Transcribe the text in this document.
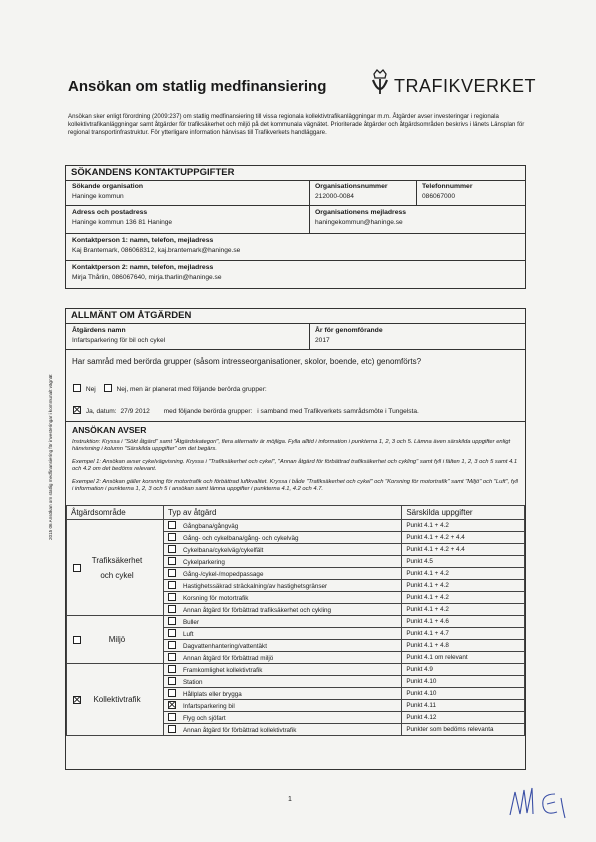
Ansökan om statlig medfinansiering	TRAFIKVERKET
Ansökan sker enligt förordning (2009:237) om statlig medfinansiering till vissa regionala kollektivtrafikanläggningar m.m. Åtgärder avser investeringar i regionala kollektivtrafikanläggningar samt åtgärder för trafiksäkerhet och miljö på det kommunala vägnätet. Prioriterade åtgärder och åtgärdsområden beskrivs i länets Länsplan för regional transportinfrastruktur. För ytterligare information hänvisas till Trafikverkets handläggare.
SÖKANDENS KONTAKTUPPGIFTER
Sökande organisation
Haninge kommun
Organisationsnummer
212000-0084
Telefonnummer
086067000
Adress och postadress
Haninge kommun 136 81 Haninge
Organisationens mejladress
haningekommun@haninge.se
Kontaktperson 1: namn, telefon, mejladress
Kaj Brantemark, 086068312, kaj.brantemark@haninge.se
Kontaktperson 2: namn, telefon, mejladress
Mirja Thårlin, 086067640, mirja.tharlin@haninge.se
ALLMÄNT OM ÅTGÄRDEN
Åtgärdens namn
Infartsparkering för bil och cykel
År för genomförande
2017
Har samråd med berörda grupper (såsom intresseorganisationer, skolor, boende, etc) genomförts?
Nej	Nej, men är planerat med följande berörda grupper:
Ja, datum: 27/9 2012 med följande berörda grupper: i samband med Trafikverkets samrådsmöte i Tungelsta.
ANSÖKAN AVSER
Instruktion: Kryssa i "Sökt åtgärd" samt "Åtgärdskategori", flera alternativ är möjliga. Fylla alltid i information i punkterna 1, 2, 3 och 5. Lämna även särskilda uppgifter enligt hänvisning i kolumn "Särskilda uppgifter" om det begärs.
Exempel 1: Ansökan avser cykelvägvisning. Kryssa i "Trafiksäkerhet och cykel", "Annan åtgärd för förbättrad trafiksäkerhet och cykling" samt fyll i fälten 1, 2, 3 och 5 samt 4.1 och 4.2 om det bedöms relevant.
Exempel 2: Ansökan gäller korsning för motortrafik och förbättrad luftkvalitet. Kryssa i både "Trafiksäkerhet och cykel" och "Korsning för motortrafik" samt "Miljö" och "Luft", fyll i information i punkterna 1, 2, 3 och 5 i ansökan samt lämna uppgifter i punkterna 4.1, 4.2 och 4.7.
Åtgärdsområde	Typ av åtgärd	Särskilda uppgifter

Trafiksäkerhet och cykel	Gångbana/gångväg	Punkt 4.1 + 4.2
	Gång- och cykelbana/gång- och cykelväg	Punkt 4.1 + 4.2 + 4.4
	Cykelbana/cykelväg/cykelfält	Punkt 4.1 + 4.2 + 4.4
	Cykelparkering	Punkt 4.5
	Gång-/cykel-/mopedpassage	Punkt 4.1 + 4.2
	Hastighetssäkrad sträckalning/av hastighetsgränser	Punkt 4.1 + 4.2
	Korsning för motortrafik	Punkt 4.1 + 4.2
	Annan åtgärd för förbättrad trafiksäkerhet och cykling	Punkt 4.1 + 4.2

Miljö	Buller	Punkt 4.1 + 4.6
	Luft	Punkt 4.1 + 4.7
	Dagvattenhantering/vattentäkt	Punkt 4.1 + 4.8
	Annan åtgärd för förbättrad miljö	Punkt 4.1 om relevant

Kollektivtrafik	Framkomlighet kollektivtrafik	Punkt 4.9
	Station	Punkt 4.10
	Hållplats eller brygga	Punkt 4.10
	Infartsparkering bil	Punkt 4.11
	Flyg och sjöfart	Punkt 4.12
	Annan åtgärd för förbättrad kollektivtrafik	Punkter som bedöms relevanta
2015 06 Ansökan om statlig medfinansiering för investeringar i kommunalt vägnät
1
